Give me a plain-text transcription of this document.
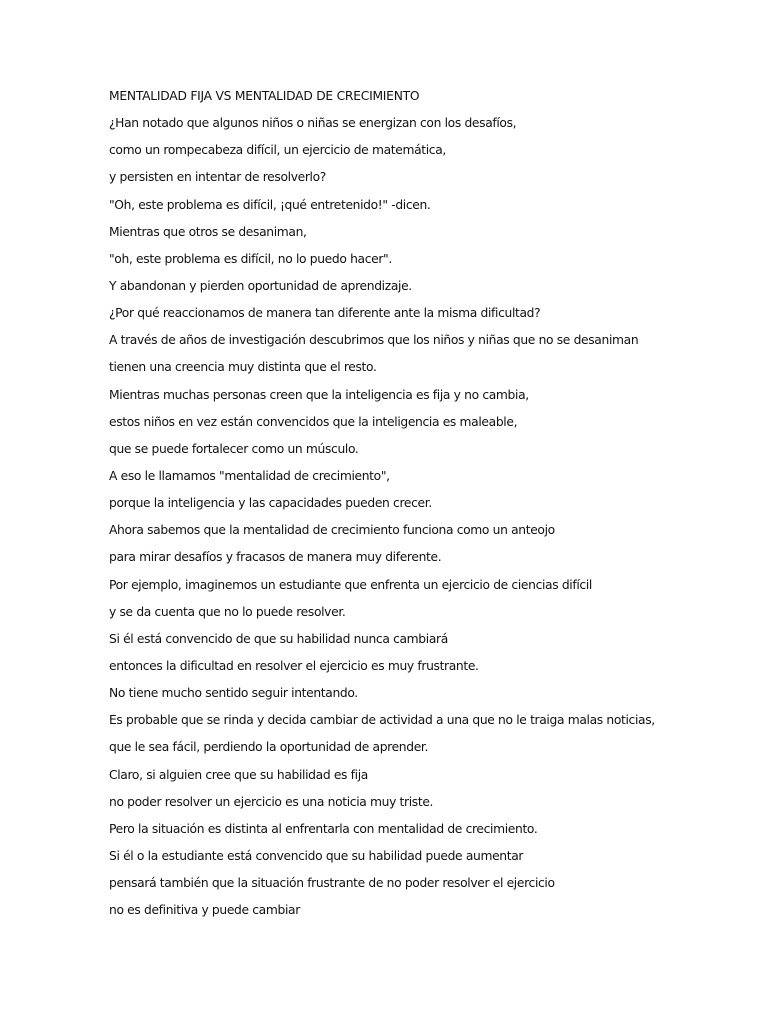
MENTALIDAD FIJA VS MENTALIDAD DE CRECIMIENTO
¿Han notado que algunos niños o niñas se energizan con los desafíos,
como un rompecabeza difícil, un ejercicio de matemática,
y persisten en intentar de resolverlo?
"Oh, este problema es difícil, ¡qué entretenido!" -dicen.
Mientras que otros se desaniman,
"oh, este problema es difícil, no lo puedo hacer".
Y abandonan y pierden oportunidad de aprendizaje.
¿Por qué reaccionamos de manera tan diferente ante la misma dificultad?
A través de años de investigación descubrimos que los niños y niñas que no se desaniman
tienen una creencia muy distinta que el resto.
Mientras muchas personas creen que la inteligencia es fija y no cambia,
estos niños en vez están convencidos que la inteligencia es maleable,
que se puede fortalecer como un músculo.
A eso le llamamos "mentalidad de crecimiento",
porque la inteligencia y las capacidades pueden crecer.
Ahora sabemos que la mentalidad de crecimiento funciona como un anteojo
para mirar desafíos y fracasos de manera muy diferente.
Por ejemplo, imaginemos un estudiante que enfrenta un ejercicio de ciencias difícil
y se da cuenta que no lo puede resolver.
Si él está convencido de que su habilidad nunca cambiará
entonces la dificultad en resolver el ejercicio es muy frustrante.
No tiene mucho sentido seguir intentando.
Es probable que se rinda y decida cambiar de actividad a una que no le traiga malas noticias,
que le sea fácil, perdiendo la oportunidad de aprender.
Claro, si alguien cree que su habilidad es fija
no poder resolver un ejercicio es una noticia muy triste.
Pero la situación es distinta al enfrentarla con mentalidad de crecimiento.
Si él o la estudiante está convencido que su habilidad puede aumentar
pensará también que la situación frustrante de no poder resolver el ejercicio
no es definitiva y puede cambiar
